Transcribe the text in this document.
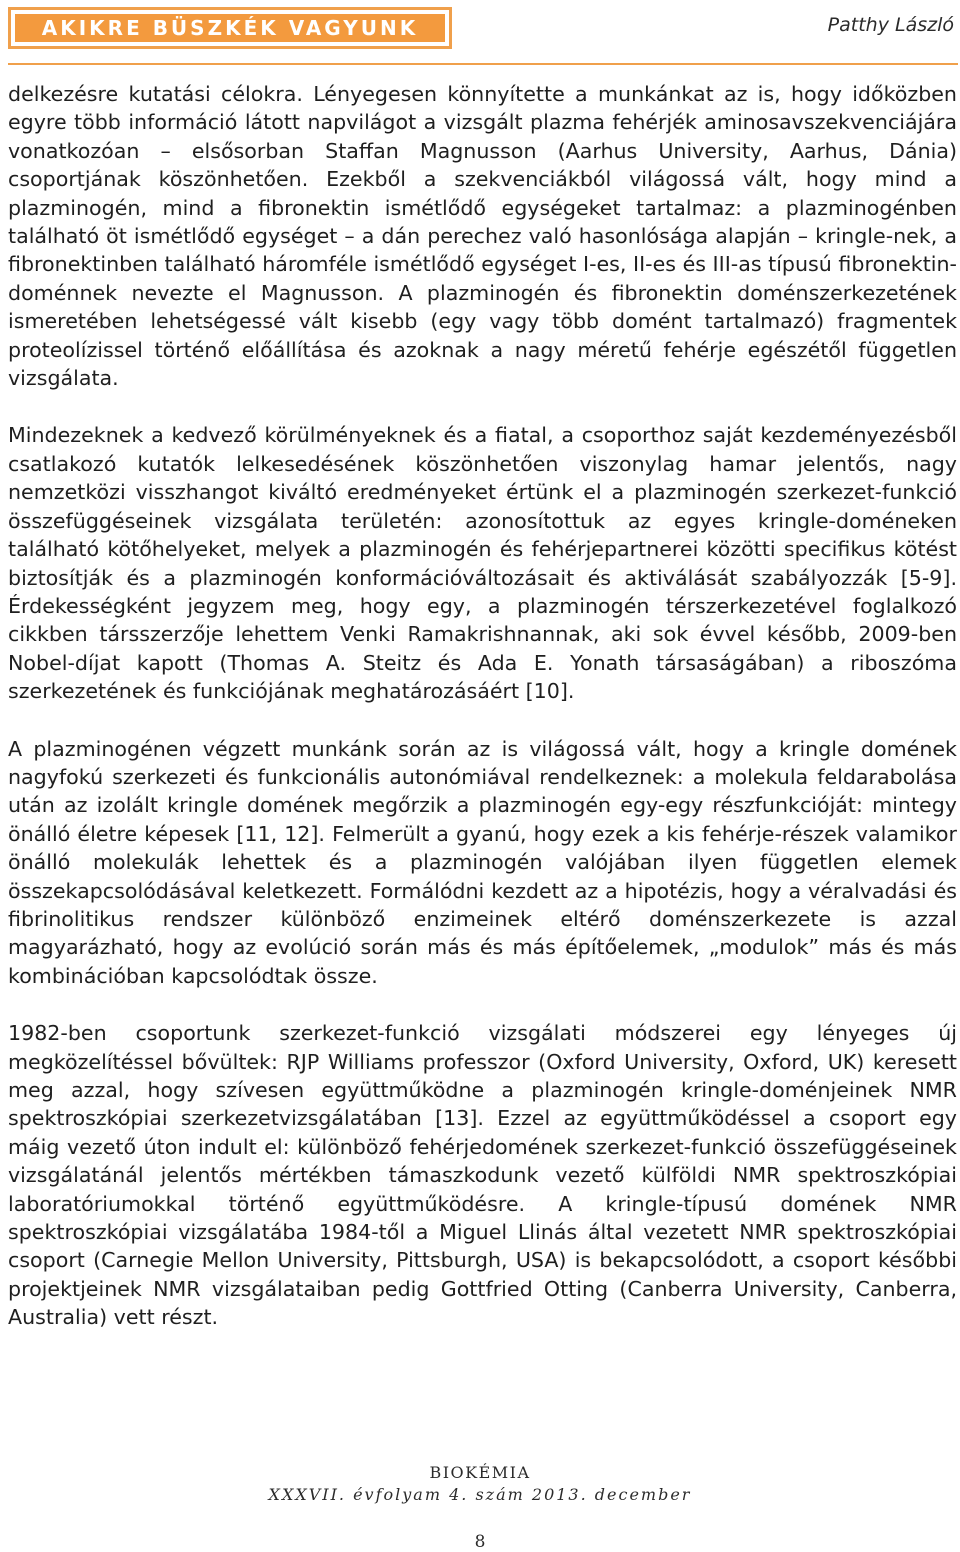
AKIKRE BÜSZKÉK VAGYUNK	Patthy László

delkezésre kutatási célokra. Lényegesen könnyítette a munkánkat az is, hogy időközben egyre több információ látott napvilágot a vizsgált plazma fehérjék aminosavszekvenciájára vonatkozóan – elsősorban Staffan Magnusson (Aarhus University, Aarhus, Dánia) csoportjának köszönhetően. Ezekből a szekvenciákból világossá vált, hogy mind a plazminogén, mind a fibronektin ismétlődő egységeket tartalmaz: a plazminogénben található öt ismétlődő egységet – a dán perechez való hasonlósága alapján – kringle-nek, a fibronektinben található háromféle ismétlődő egységet I-es, II-es és III-as típusú fibronektin-doménnek nevezte el Magnusson. A plazminogén és fibronektin doménszerkezetének ismeretében lehetségessé vált kisebb (egy vagy több domént tartalmazó) fragmentek proteolízissel történő előállítása és azoknak a nagy méretű fehérje egészétől független vizsgálata.

Mindezeknek a kedvező körülményeknek és a fiatal, a csoporthoz saját kezdeményezésből csatlakozó kutatók lelkesedésének köszönhetően viszonylag hamar jelentős, nagy nemzetközi visszhangot kiváltó eredményeket értünk el a plazminogén szerkezet-funkció összefüggéseinek vizsgálata területén: azonosítottuk az egyes kringle-doméneken található kötőhelyeket, melyek a plazminogén és fehérjepartnerei közötti specifikus kötést biztosítják és a plazminogén konformációváltozásait és aktiválását szabályozzák [5-9]. Érdekességként jegyzem meg, hogy egy, a plazminogén térszerkezetével foglalkozó cikkben társszerzője lehettem Venki Ramakrishnannak, aki sok évvel később, 2009-ben Nobel-díjat kapott (Thomas A. Steitz és Ada E. Yonath társaságában) a riboszóma szerkezetének és funkciójának meghatározásáért [10].

A plazminogénen végzett munkánk során az is világossá vált, hogy a kringle domének nagyfokú szerkezeti és funkcionális autonómiával rendelkeznek: a molekula feldarabolása után az izolált kringle domének megőrzik a plazminogén egy-egy részfunkcióját: mintegy önálló életre képesek [11, 12]. Felmerült a gyanú, hogy ezek a kis fehérje-részek valamikor önálló molekulák lehettek és a plazminogén valójában ilyen független elemek összekapcsolódásával keletkezett. Formálódni kezdett az a hipotézis, hogy a véralvadási és fibrinolitikus rendszer különböző enzimeinek eltérő doménszerkezete is azzal magyarázható, hogy az evolúció során más és más építőelemek, „modulok” más és más kombinációban kapcsolódtak össze.

1982-ben csoportunk szerkezet-funkció vizsgálati módszerei egy lényeges új megközelítéssel bővültek: RJP Williams professzor (Oxford University, Oxford, UK) keresett meg azzal, hogy szívesen együttműködne a plazminogén kringle-doménjeinek NMR spektroszkópiai szerkezetvizsgálatában [13]. Ezzel az együttműködéssel a csoport egy máig vezető úton indult el: különböző fehérjedomének szerkezet-funkció összefüggéseinek vizsgálatánál jelentős mértékben támaszkodunk vezető külföldi NMR spektroszkópiai laboratóriumokkal történő együttműködésre. A kringle-típusú domének NMR spektroszkópiai vizsgálatába 1984-től a Miguel Llinás által vezetett NMR spektroszkópiai csoport (Carnegie Mellon University, Pittsburgh, USA) is bekapcsolódott, a csoport későbbi projektjeinek NMR vizsgálataiban pedig Gottfried Otting (Canberra University, Canberra, Australia) vett részt.

BIOKÉMIA
XXXVII. évfolyam 4. szám 2013. december
8
